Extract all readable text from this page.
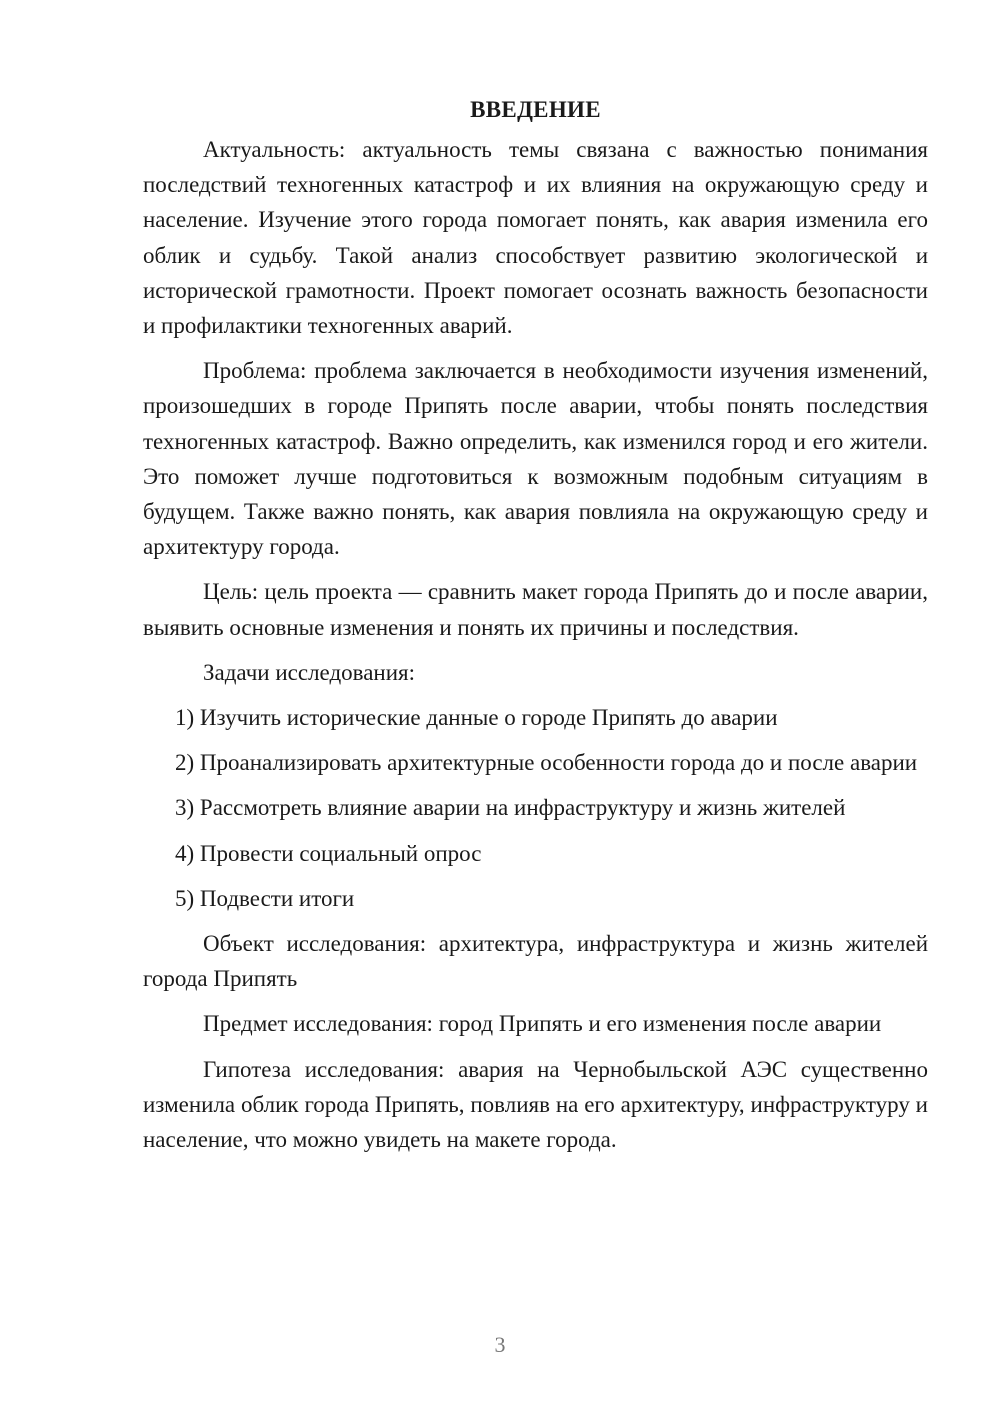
ВВЕДЕНИЕ

Актуальность: актуальность темы связана с важностью понимания последствий техногенных катастроф и их влияния на окружающую среду и население. Изучение этого города помогает понять, как авария изменила его облик и судьбу. Такой анализ способствует развитию экологической и исторической грамотности. Проект помогает осознать важность безопасности и профилактики техногенных аварий.

Проблема: проблема заключается в необходимости изучения изменений, произошедших в городе Припять после аварии, чтобы понять последствия техногенных катастроф. Важно определить, как изменился город и его жители. Это поможет лучше подготовиться к возможным подобным ситуациям в будущем. Также важно понять, как авария повлияла на окружающую среду и архитектуру города.

Цель: цель проекта — сравнить макет города Припять до и после аварии, выявить основные изменения и понять их причины и последствия.

Задачи исследования:

1) Изучить исторические данные о городе Припять до аварии

2) Проанализировать архитектурные особенности города до и после аварии

3) Рассмотреть влияние аварии на инфраструктуру и жизнь жителей

4) Провести социальный опрос

5) Подвести итоги

Объект исследования: архитектура, инфраструктура и жизнь жителей города Припять

Предмет исследования: город Припять и его изменения после аварии

Гипотеза исследования: авария на Чернобыльской АЭС существенно изменила облик города Припять, повлияв на его архитектуру, инфраструктуру и население, что можно увидеть на макете города.

3
